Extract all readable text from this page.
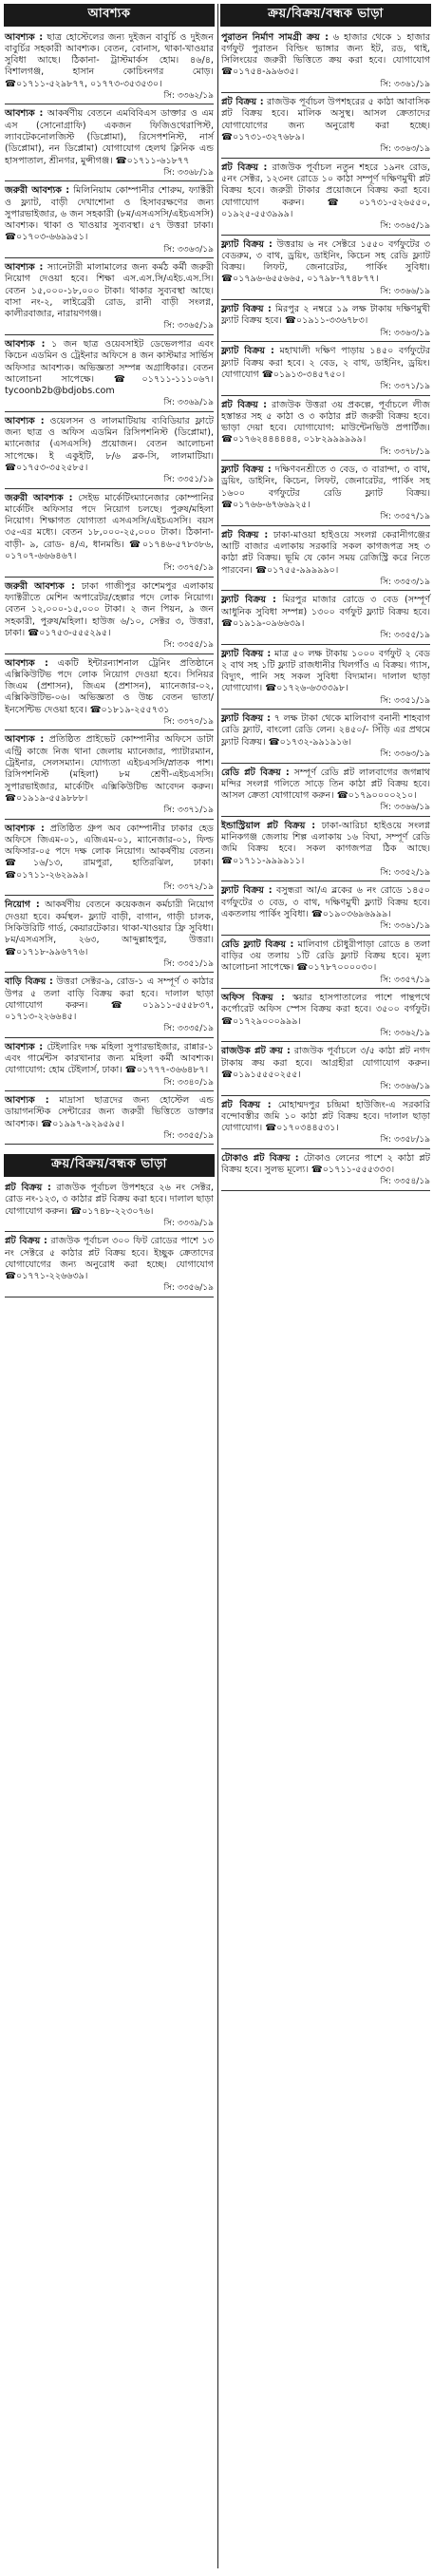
আবশ্যক
আবশ্যক : ছাত্র হোস্টেলের জন্য দুইজন বাবুর্চি ও দুইজন বাবুর্চির সহকারী আবশ্যক। বেতন, বোনাস, থাকা-খাওয়ার সুবিধা আছে। ঠিকানা- ট্রাস্টমার্কস হোম। ৪৬/৪, বিশালগঞ্জ, হাসান কোচিংনগর মোড়। ☎০১৭১১-৫২৯৮৭৭, ০১৭৭৩-৩৫৩৫৩০।
সি: ৩৩৬২/১৯
আবশ্যক : আকর্ষণীয় বেতনে এমবিবিএস ডাক্তার ও এম এস (সোনোগ্রাফি) একজন ফিজিওথেরাপিস্ট, ল্যাবটেকনোলজিস্ট (ডিপ্লোমা), রিসেপশনিস্ট, নার্স (ডিপ্লোমা), নন ডিপ্লোমা) যোগাযোগ হেলথ ক্লিনিক এন্ড হাসপাতাল, শ্রীনগর, মুন্সীগঞ্জ। ☎০১৭১১-৬১৮৭৭
সি: ৩৩৬৮/১৯
জরুরী আবশ্যক : মিলিনিয়াম কোম্পানীর শোরুম, ফ্যাক্টরী ও ফ্ল্যাট, বাড়ী দেখাশোনা ও হিসাবরক্ষণের জন্য সুপারভাইজার, ৬ জন সহকারী (৮ম/এসএসসি/এইচএসসি) আবশ্যক। থাকা ও খাওয়ার সুব্যবস্থা। ৫৭ উত্তরা ঢাকা। ☎০১৭০৩-৬৬৯৯৫১।
সি: ৩৩৬৩/১৯
আবশ্যক : স্যানেটারী মালামালের জন্য কর্মঠ কর্মী জরুরী নিয়োগ দেওয়া হবে। শিক্ষা এস.এস.সি/এইচ.এস.সি। বেতন ১৫,০০০-১৮,০০০ টাকা। থাকার সুব্যবস্থা আছে। বাসা নং-২, লাইব্রেরী রোড, রানী বাড়ী সংলগ্ন, কালীরবাজার, নারায়ণগঞ্জ।
সি: ৩৩৬৫/১৯
আবশ্যক : ১ জন ছাত্র ওয়েবসাইট ডেভেলপার এবং কিচেন এডমিন ও ট্রেইনার অফিসে ৪ জন কাস্টমার সার্ভিস অফিসার আবশ্যক। অভিজ্ঞতা সম্পন্ন অগ্রাধিকার। বেতন আলোচনা সাপেক্ষে। ☎০১৭১১-১১১০৬৭। tycoonb2b@bdjobs.com
সি: ৩৩৬৯/১৯
আবশ্যক : ওয়েলসন ও লালমাটিয়ায় ব্যবিডিয়ার ফ্লাটে জন্য ছাত্র ও অফিস এডমিন রিসিপশনিস্ট (ডিপ্লোমা), ম্যানেজার (এসএসসি) প্রয়োজন। বেতন আলোচনা সাপেক্ষে। ই একুইটি, ৮/৬ ব্লক-সি, লালমাটিয়া। ☎০১৭৫৩-৩৫২৫৮৫।
সি: ৩৩৫১/১৯
জরুরী আবশ্যক : সেইভ মার্কেটিংম্যানেজার কোম্পানির মার্কেটিং অফিসার পদে নিয়োগ চলছে। পুরুষ/মহিলা নিয়োগ। শিক্ষাগত যোগ্যতা এসএসসি/এইচএসসি। বয়স ৩৫-এর মধ্যে। বেতন ১৮,০০০-২৫,০০০ টাকা। ঠিকানা- বাড়ী- ৯, রোড- ৪/এ, ধানমন্ডি। ☎০১৭৪৬-৫৭৮৩৮৬, ০১৭০৭-৬৬৬৪৬৭।
সি: ৩৩৭৫/১৯
জরুরী আবশ্যক : ঢাকা গাজীপুর কাশেমপুর এলাকায় ফ্যাক্টরীতে মেশিন অপারেটর/হেল্পার পদে লোক নিয়োগ। বেতন ১২,০০০-১৫,০০০ টাকা। ২ জন পিয়ন, ৯ জন সহকারী, পুরুষ/মহিলা। হাউজ ৬/১০, সেক্টর ৩, উত্তরা, ঢাকা। ☎০১৭৫৩-৫৫৫২৯৫।
সি: ৩৩৫৫/১৯
আবশ্যক : একটি ইন্টারন্যাশনাল ট্রেনিং প্রতিষ্ঠানে এক্সিকিউটিভ পদে লোক নিয়োগ দেওয়া হবে। সিনিয়র জিএম (প্রশাসন), জিএম (প্রশাসন), ম্যানেজার-০২, এক্সিকিউটিভ-০৬। অভিজ্ঞতা ও উচ্চ বেতন ভাতা/ইনসেন্টিভ দেওয়া হবে। ☎০১৮১৯-২৫৫৭৩১
সি: ৩৩৭০/১৯
আবশ্যক : প্রতিষ্ঠিত প্রাইভেট কোম্পানীর অফিসে ডাটা এন্ট্রি কাজে নিজ থানা জেলায় ম্যানেজার, প্যাটারম্যান, ট্রেইনার, সেলসম্যান। যোগ্যতা এইচএসসি/স্নাতক পাশ। রিসিপশনিস্ট (মহিলা) ৮ম শ্রেণী-এইচএসসি। সুপারভাইজার, মার্কেটিং এক্সিকিউটিভ আবেদন করুন। ☎০১৯১৯-৫৫৯৮৮৮।
সি: ৩৩৭১/১৯
আবশ্যক : প্রতিষ্ঠিত গ্রুপ অব কোম্পানীর ঢাকার হেড অফিসে জিএম-০১, এজিএম-০১, ম্যানেজার-০১, ফিল্ড অফিসার-০৫ পদে দক্ষ লোক নিয়োগ। আকর্ষণীয় বেতন। ☎১৬/১৩, রামপুরা, হাতিরঝিল, ঢাকা। ☎০১৭১১-২৬২৯৯৯।
সি: ৩৩৭২/১৯
নিয়োগ : আকর্ষণীয় বেতনে কয়েকজন কর্মচারী নিয়োগ দেওয়া হবে। কর্মস্থল- ফ্ল্যাট বাড়ী, বাগান, গাড়ী চালক, সিকিউরিটি গার্ড, কেয়ারটেকার। থাকা-খাওয়ার ফ্রি সুবিধা। ৮ম/এসএসসি, ২৬৩, আব্দুল্লাহপুর, উত্তরা। ☎০১৭১৮-৯৯৬৭৭৬।
সি: ৩৩৫১/১৯
বাড়ি বিক্রয় : উত্তরা সেক্টর-৯, রোড-১ এ সম্পূর্ণ ৩ কাঠার উপর ৫ তলা বাড়ি বিক্রয় করা হবে। দালাল ছাড়া যোগাযোগ করুন। ☎০১৯১১-৫৫৫৮৩৭, ০১৭১৩-২২৬৬৪৫।
সি: ৩৩৩৫/১৯
আবশ্যক : টেইলারিং দক্ষ মহিলা সুপারভাইজার, রান্নার-১ এবং গার্মেন্টস কারখানার জন্য মহিলা কর্মী আবশ্যক। যোগাযোগ: হোম টেইলার্স, ঢাকা। ☎০১৭৭৭-৩৬৬৪৮৭।
সি: ৩৩৪০/১৯
আবশ্যক : মাদ্রাসা ছাত্রদের জন্য হোস্টেল এন্ড ডায়াগনস্টিক সেন্টারের জন্য জরুরী ভিত্তিতে ডাক্তার আবশ্যক। ☎০১৯৯৭-৯২৯৫৯৫।
সি: ৩৩৫৫/১৯
ক্রয়/বিক্রয়/বন্ধক ভাড়া
প্লট বিক্রয় : রাজউক পূর্বাচল উপশহরে ২৬ নং সেক্টর, রোড নং-১২৩, ৩ কাঠার প্লট বিক্রয় করা হবে। দালাল ছাড়া যোগাযোগ করুন। ☎০১৭৪৮-২২৩০৭৬।
সি: ৩৩৩৯/১৯
প্লট বিক্রয় : রাজউক পূর্বাচল ৩০০ ফিট রোডের পাশে ১৩ নং সেক্টরে ৫ কাঠার প্লট বিক্রয় হবে। ইচ্ছুক ক্রেতাদের যোগাযোগের জন্য অনুরোধ করা হচ্ছে। যোগাযোগ ☎০১৭৭১-২২৬৬৩৯।
সি: ৩৩৫৬/১৯
ক্রয়/বিক্রয়/বন্ধক ভাড়া
পুরাতন নির্মাণ সামগ্রী ক্রয় : ৬ হাজার থেকে ১ হাজার বর্গফুট পুরাতন বিল্ডিং ভাঙ্গার জন্য ইট, রড, থাই, সিলিংয়ের জরুরী ভিত্তিতে ক্রয় করা হবে। যোগাযোগ ☎০১৭৫৪-৯৯৬৩৫।
সি: ৩৩৬১/১৯
প্লট বিক্রয় : রাজউক পূর্বাচল উপশহরের ৫ কাঠা আবাসিক প্লট বিক্রয় হবে। মালিক অসুস্থ। আসল ক্রেতাদের যোগাযোগের জন্য অনুরোধ করা হচ্ছে। ☎০১৭৩১-৩২৭৬৮৯।
সি: ৩৩৬৩/১৯
প্লট বিক্রয় : রাজউক পূর্বাচল নতুন শহরে ১৯নং রোড, ৫নং সেক্টর, ১২৩নং রোডে ১০ কাঠা সম্পূর্ণ দক্ষিণমুখী প্লট বিক্রয় হবে। জরুরী টাকার প্রয়োজনে বিক্রয় করা হবে। যোগাযোগ করুন। ☎০১৭৩১-৫২৬৫৫০, ০১৯২৫-৫৫৩৯৯৯।
সি: ৩৩৬৫/১৯
ফ্ল্যাট বিক্রয় : উত্তরায় ৬ নং সেক্টরে ১৫৫০ বর্গফুটের ৩ বেডরুম, ৩ বাথ, ড্রয়িং, ডাইনিং, কিচেন সহ রেডি ফ্ল্যাট বিক্রয়। লিফট, জেনারেটর, পার্কিং সুবিধা। ☎০১৭৯৬-৬৫৫৬৬৫, ০১৭৯৮-৭৭৪৮৭৭।
সি: ৩৩৬৬/১৯
ফ্ল্যাট বিক্রয় : মিরপুর ২ নম্বরে ১৯ লক্ষ টাকায় দক্ষিণমুখী ফ্ল্যাট বিক্রয় হবে। ☎০১৯১১-৩৩৬৭৮৩।
সি: ৩৩৬৩/১৯
ফ্ল্যাট বিক্রয় : মহাখালী দক্ষিণ পাড়ায় ১৪৫০ বর্গফুটের ফ্ল্যাট বিক্রয় করা হবে। ২ বেড, ২ বাথ, ডাইনিং, ড্রয়িং। যোগাযোগ ☎০১৯১৩-৩৪৫৭৫০।
সি: ৩৩৭১/১৯
প্লট বিক্রয় : রাজউক উত্তরা ৩য় প্রকল্পে, পূর্বাচলে লীজ হস্তান্তর সহ ৫ কাঠা ও ৩ কাঠার প্লট জরুরী বিক্রয় হবে। ভাড়া দেয়া হবে। যোগাযোগ: মাউন্টেনভিউ প্রপার্টিজ। ☎০১৭৬২৪৪৪৪৪৪, ০১৮২৯৯৯৯৯৯।
সি: ৩৩৭৮/১৯
ফ্ল্যাট বিক্রয় : দক্ষিণবনশ্রীতে ৩ বেড, ৩ বারান্দা, ৩ বাথ, ড্রয়িং, ডাইনিং, কিচেন, লিফট, জেনারেটর, পার্কিং সহ ১৬০০ বর্গফুটের রেডি ফ্ল্যাট বিক্রয়। ☎০১৭৬৬-৬৭৬৬৯২৫।
সি: ৩৩৫৭/১৯
প্লট বিক্রয় : ঢাকা-মাওয়া হাইওয়ে সংলগ্ন কেরানীগঞ্জের আটি বাজার এলাকায় সরকারি সকল কাগজপত্র সহ ৩ কাঠা প্লট বিক্রয়। ভূমি যে কোন সময় রেজিস্ট্রি করে নিতে পারবেন। ☎০১৭৫৫-৯৯৯৯৯০।
সি: ৩৩৫৩/১৯
ফ্ল্যাট বিক্রয় : মিরপুর মাজার রোডে ৩ বেড (সম্পূর্ণ আধুনিক সুবিধা সম্পন্ন) ১৩০০ বর্গফুট ফ্ল্যাট বিক্রয় হবে। ☎০১৯১৯-০৯৬৬৩৯।
সি: ৩৩৫৫/১৯
ফ্ল্যাট বিক্রয় : মাত্র ৫০ লক্ষ টাকায় ১০০০ বর্গফুট ২ বেড ২ বাথ সহ ১টি ফ্ল্যাট রাজধানীর খিলগাঁও এ বিক্রয়। গ্যাস, বিদ্যুৎ, পানি সহ সকল সুবিধা বিদ্যমান। দালাল ছাড়া যোগাযোগ। ☎০১৭২৬-৬৩৩৩৯৮।
সি: ৩৩৫১/১৯
ফ্ল্যাট বিক্রয় : ৭ লক্ষ টাকা থেকে মালিবাগ বনানী শাহবাগ রেডি ফ্ল্যাট, বাংলো রেডি লেন। ২৪৫০/- সিঁড়ি এর প্রথমে ফ্ল্যাট বিক্রয়। ☎০১৭৩২-৯৯১৯১৬।
সি: ৩৩৬৩/১৯
রেডি প্লট বিক্রয় : সম্পূর্ণ রেডি প্লট লালবাগের জগন্নাথ মন্দির সংলগ্ন গলিতে সাড়ে তিন কাঠা প্লট বিক্রয় হবে। আসল ক্রেতা যোগাযোগ করুন। ☎০১৭৯০০০০২১০।
সি: ৩৩৬৬/১৯
ইন্ডাস্ট্রিয়াল প্লট বিক্রয় : ঢাকা-আরিচা হাইওয়ে সংলগ্ন মানিকগঞ্জ জেলায় শিল্প এলাকায় ১৬ বিঘা, সম্পূর্ণ রেডি জমি বিক্রয় হবে। সকল কাগজপত্র ঠিক আছে। ☎০১৭১১-৯৯৯৯১১।
সি: ৩৩৫২/১৯
ফ্ল্যাট বিক্রয় : বসুন্ধরা আ/এ ব্লকের ৬ নং রোডে ১৪৫০ বর্গফুটের ৩ বেড, ৩ বাথ, দক্ষিণমুখী ফ্ল্যাট বিক্রয় হবে। একতলায় পার্কিং সুবিধা। ☎০১৯০৩৬৯৬৯৯৯।
সি: ৩৩৬১/১৯
রেডি ফ্ল্যাট বিক্রয় : মালিবাগ চৌধুরীপাড়া রোডে ৪ তলা বাড়ির ৩য় তলায় ১টি রেডি ফ্ল্যাট বিক্রয় হবে। মূল্য আলোচনা সাপেক্ষে। ☎০১৭৮৭০০০০৩০।
সি: ৩৩৫৭/১৯
অফিস বিক্রয় : স্কয়ার হাসপাতালের পাশে পান্থপথে কর্পোরেট অফিস স্পেস বিক্রয় করা হবে। ৩৫০০ বর্গফুট। ☎০১৭২৯০০০৯৯৯।
সি: ৩৩৬২/১৯
রাজউক প্লট ক্রয় : রাজউক পূর্বাচলে ৩/৫ কাঠা প্লট নগদ টাকায় ক্রয় করা হবে। আগ্রহীরা যোগাযোগ করুন। ☎০১৯১৫৫৫০২৫৫।
সি: ৩৩৬৬/১৯
প্লট বিক্রয় : মোহাম্মদপুর চন্দ্রিমা হাউজিং-এ সরকারি বন্দোবস্তীর জমি ১০ কাঠা প্লট বিক্রয় হবে। দালাল ছাড়া যোগাযোগ। ☎০১৭০৩৪৪৫৩১।
সি: ৩৩৫৮/১৯
টোকাও প্লট বিক্রয় : টোকাও লেনের পাশে ২ কাঠা প্লট বিক্রয় হবে। সুলভ মূল্যে। ☎০১৭১১-৫৫৫৩৩৩।
সি: ৩৩৫৪/১৯
